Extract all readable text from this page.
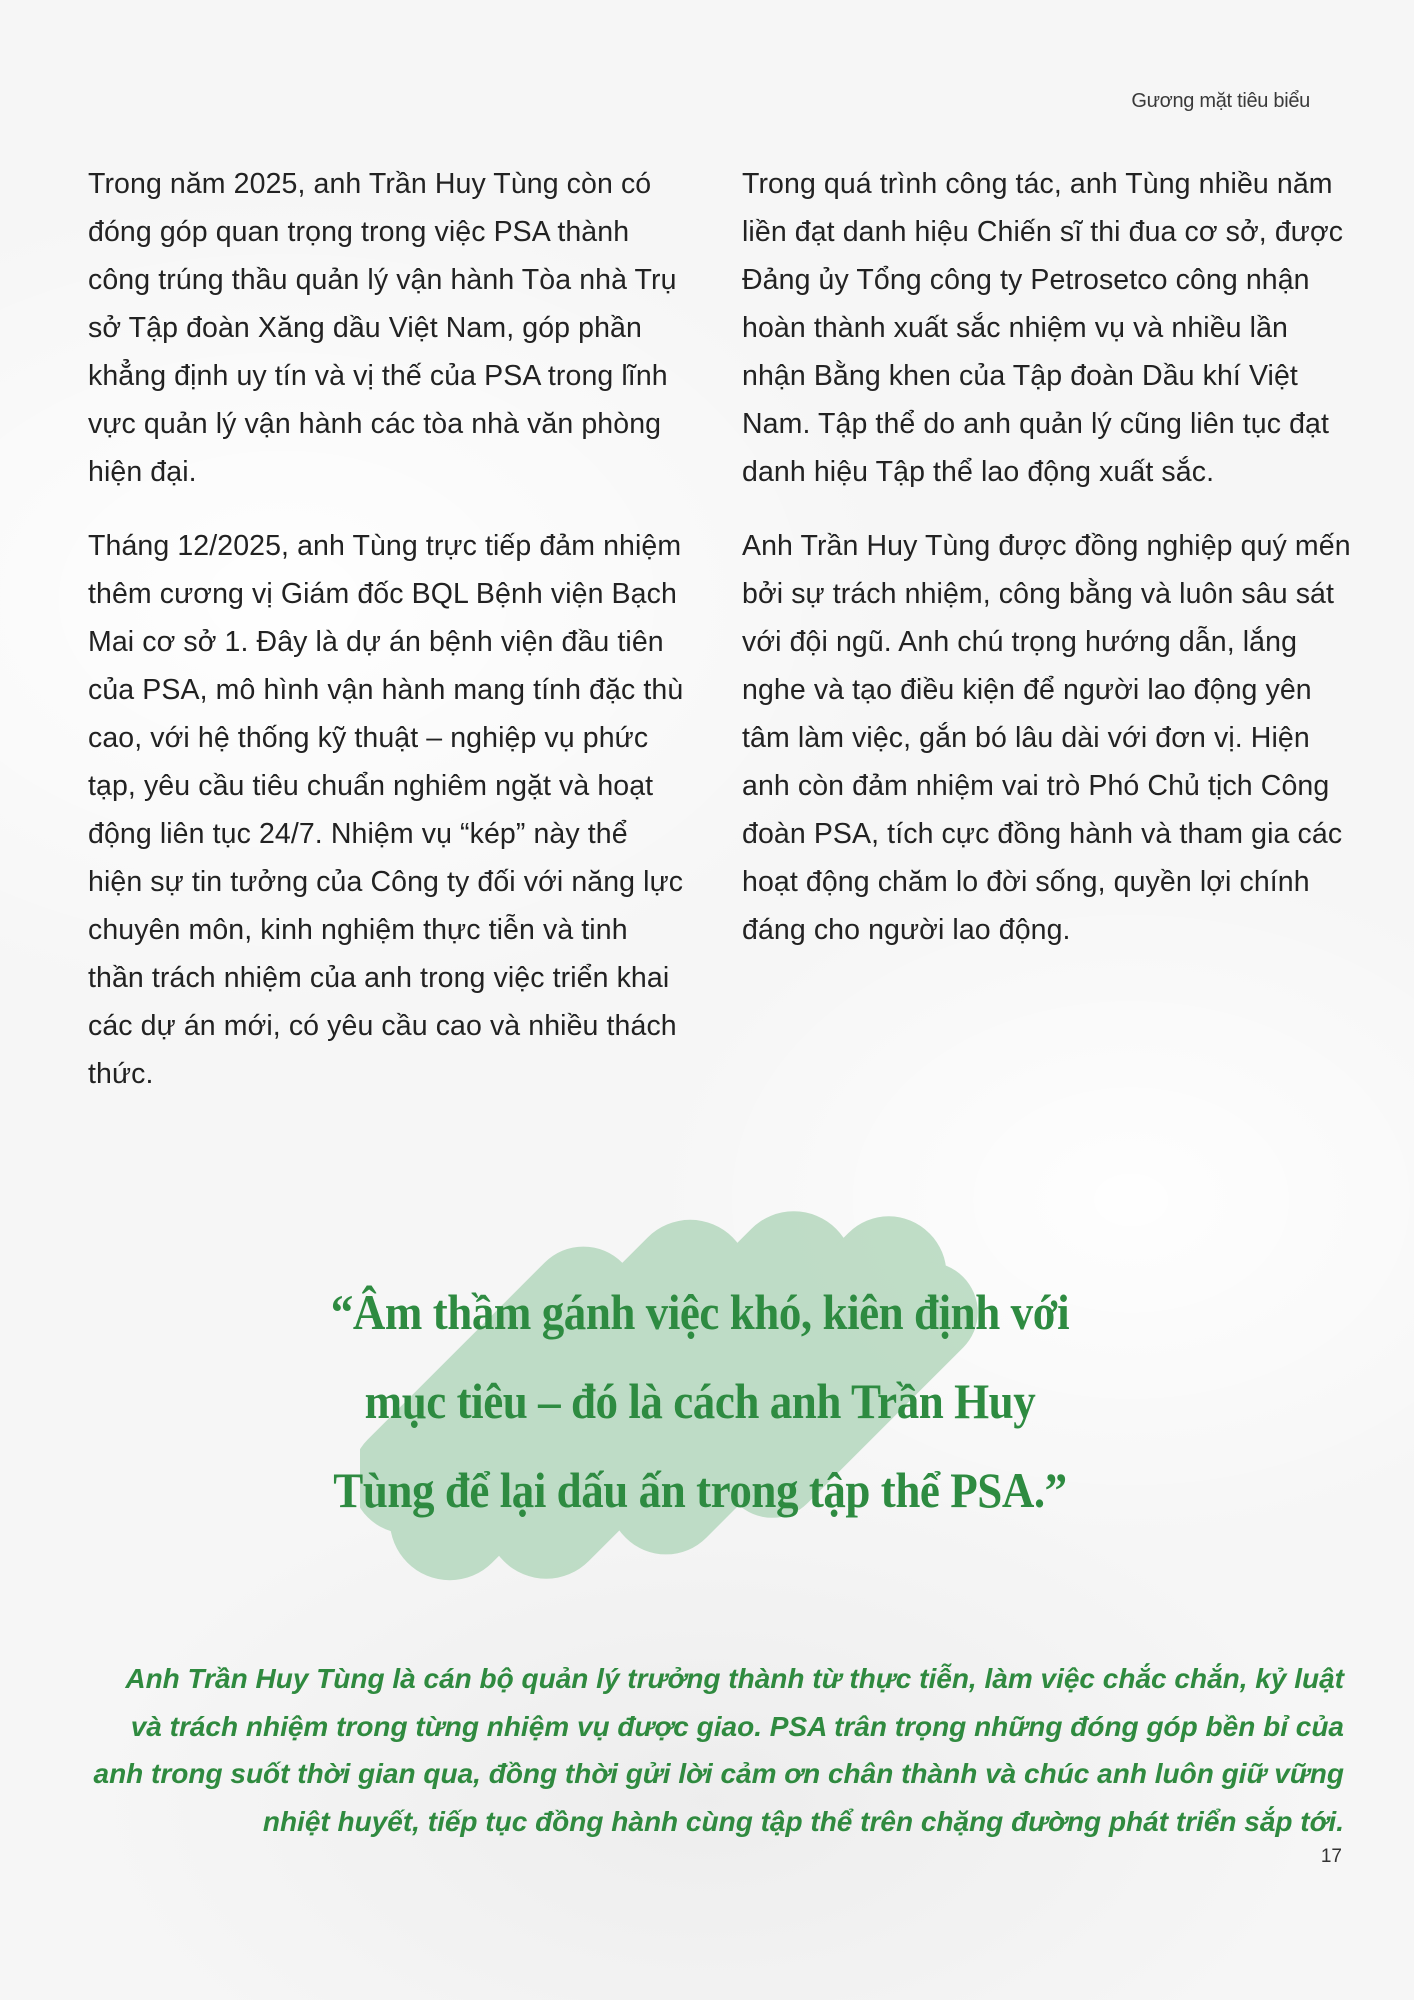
Gương mặt tiêu biểu

Trong năm 2025, anh Trần Huy Tùng còn có đóng góp quan trọng trong việc PSA thành công trúng thầu quản lý vận hành Tòa nhà Trụ sở Tập đoàn Xăng dầu Việt Nam, góp phần khẳng định uy tín và vị thế của PSA trong lĩnh vực quản lý vận hành các tòa nhà văn phòng hiện đại.

Tháng 12/2025, anh Tùng trực tiếp đảm nhiệm thêm cương vị Giám đốc BQL Bệnh viện Bạch Mai cơ sở 1. Đây là dự án bệnh viện đầu tiên của PSA, mô hình vận hành mang tính đặc thù cao, với hệ thống kỹ thuật – nghiệp vụ phức tạp, yêu cầu tiêu chuẩn nghiêm ngặt và hoạt động liên tục 24/7. Nhiệm vụ “kép” này thể hiện sự tin tưởng của Công ty đối với năng lực chuyên môn, kinh nghiệm thực tiễn và tinh thần trách nhiệm của anh trong việc triển khai các dự án mới, có yêu cầu cao và nhiều thách thức.

Trong quá trình công tác, anh Tùng nhiều năm liền đạt danh hiệu Chiến sĩ thi đua cơ sở, được Đảng ủy Tổng công ty Petrosetco công nhận hoàn thành xuất sắc nhiệm vụ và nhiều lần nhận Bằng khen của Tập đoàn Dầu khí Việt Nam. Tập thể do anh quản lý cũng liên tục đạt danh hiệu Tập thể lao động xuất sắc.

Anh Trần Huy Tùng được đồng nghiệp quý mến bởi sự trách nhiệm, công bằng và luôn sâu sát với đội ngũ. Anh chú trọng hướng dẫn, lắng nghe và tạo điều kiện để người lao động yên tâm làm việc, gắn bó lâu dài với đơn vị. Hiện anh còn đảm nhiệm vai trò Phó Chủ tịch Công đoàn PSA, tích cực đồng hành và tham gia các hoạt động chăm lo đời sống, quyền lợi chính đáng cho người lao động.

“Âm thầm gánh việc khó, kiên định với mục tiêu – đó là cách anh Trần Huy Tùng để lại dấu ấn trong tập thể PSA.”
Anh Trần Huy Tùng là cán bộ quản lý trưởng thành từ thực tiễn, làm việc chắc chắn, kỷ luật và trách nhiệm trong từng nhiệm vụ được giao. PSA trân trọng những đóng góp bền bỉ của anh trong suốt thời gian qua, đồng thời gửi lời cảm ơn chân thành và chúc anh luôn giữ vững nhiệt huyết, tiếp tục đồng hành cùng tập thể trên chặng đường phát triển sắp tới.
17
